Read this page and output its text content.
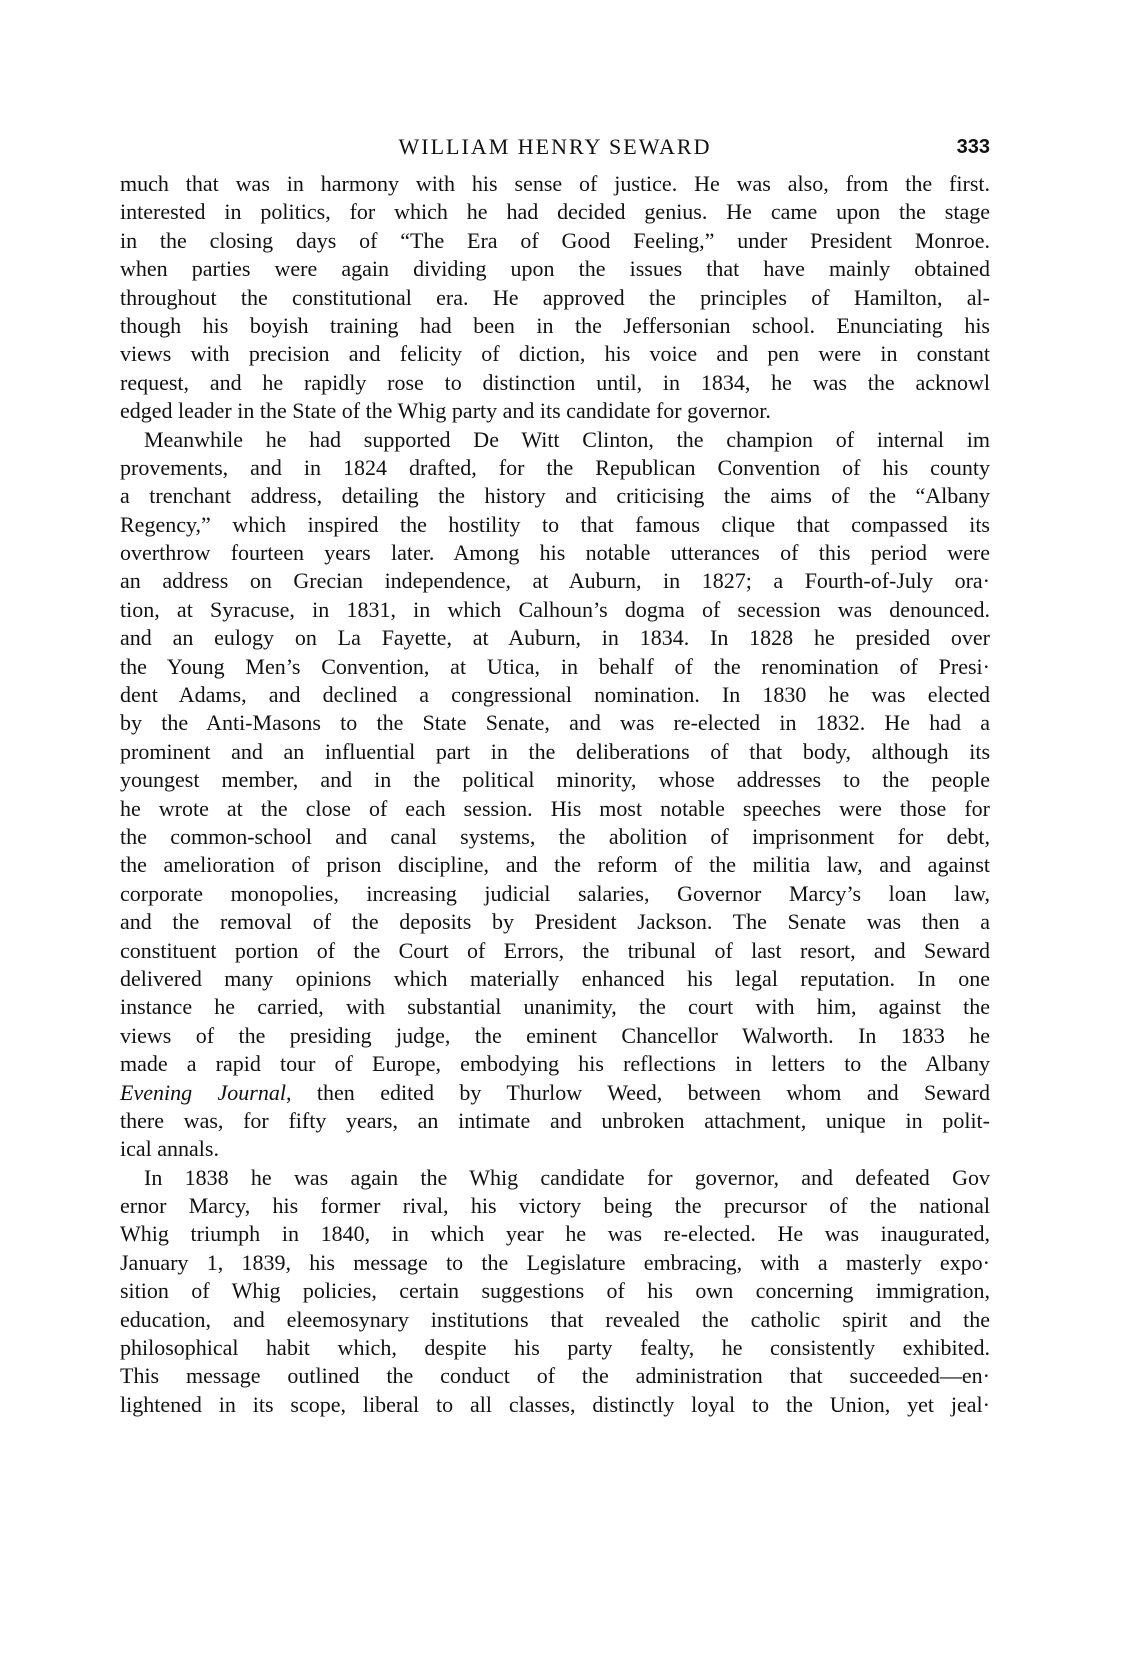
WILLIAM HENRY SEWARD	333
much that was in harmony with his sense of justice. He was also, from the first.
interested in politics, for which he had decided genius. He came upon the stage
in the closing days of “The Era of Good Feeling,” under President Monroe.
when parties were again dividing upon the issues that have mainly obtained
throughout the constitutional era. He approved the principles of Hamilton, al-
though his boyish training had been in the Jeffersonian school. Enunciating his
views with precision and felicity of diction, his voice and pen were in constant
request, and he rapidly rose to distinction until, in 1834, he was the acknowl
edged leader in the State of the Whig party and its candidate for governor.
Meanwhile he had supported De Witt Clinton, the champion of internal im
provements, and in 1824 drafted, for the Republican Convention of his county
a trenchant address, detailing the history and criticising the aims of the “Albany
Regency,” which inspired the hostility to that famous clique that compassed its
overthrow fourteen years later. Among his notable utterances of this period were
an address on Grecian independence, at Auburn, in 1827; a Fourth-of-July ora·
tion, at Syracuse, in 1831, in which Calhoun’s dogma of secession was denounced.
and an eulogy on La Fayette, at Auburn, in 1834. In 1828 he presided over
the Young Men’s Convention, at Utica, in behalf of the renomination of Presi·
dent Adams, and declined a congressional nomination. In 1830 he was elected
by the Anti-Masons to the State Senate, and was re-elected in 1832. He had a
prominent and an influential part in the deliberations of that body, although its
youngest member, and in the political minority, whose addresses to the people
he wrote at the close of each session. His most notable speeches were those for
the common-school and canal systems, the abolition of imprisonment for debt,
the amelioration of prison discipline, and the reform of the militia law, and against
corporate monopolies, increasing judicial salaries, Governor Marcy’s loan law,
and the removal of the deposits by President Jackson. The Senate was then a
constituent portion of the Court of Errors, the tribunal of last resort, and Seward
delivered many opinions which materially enhanced his legal reputation. In one
instance he carried, with substantial unanimity, the court with him, against the
views of the presiding judge, the eminent Chancellor Walworth. In 1833 he
made a rapid tour of Europe, embodying his reflections in letters to the Albany
Evening Journal, then edited by Thurlow Weed, between whom and Seward
there was, for fifty years, an intimate and unbroken attachment, unique in polit-
ical annals.
In 1838 he was again the Whig candidate for governor, and defeated Gov
ernor Marcy, his former rival, his victory being the precursor of the national
Whig triumph in 1840, in which year he was re-elected. He was inaugurated,
January 1, 1839, his message to the Legislature embracing, with a masterly expo·
sition of Whig policies, certain suggestions of his own concerning immigration,
education, and eleemosynary institutions that revealed the catholic spirit and the
philosophical habit which, despite his party fealty, he consistently exhibited.
This message outlined the conduct of the administration that succeeded—en·
lightened in its scope, liberal to all classes, distinctly loyal to the Union, yet jeal·
